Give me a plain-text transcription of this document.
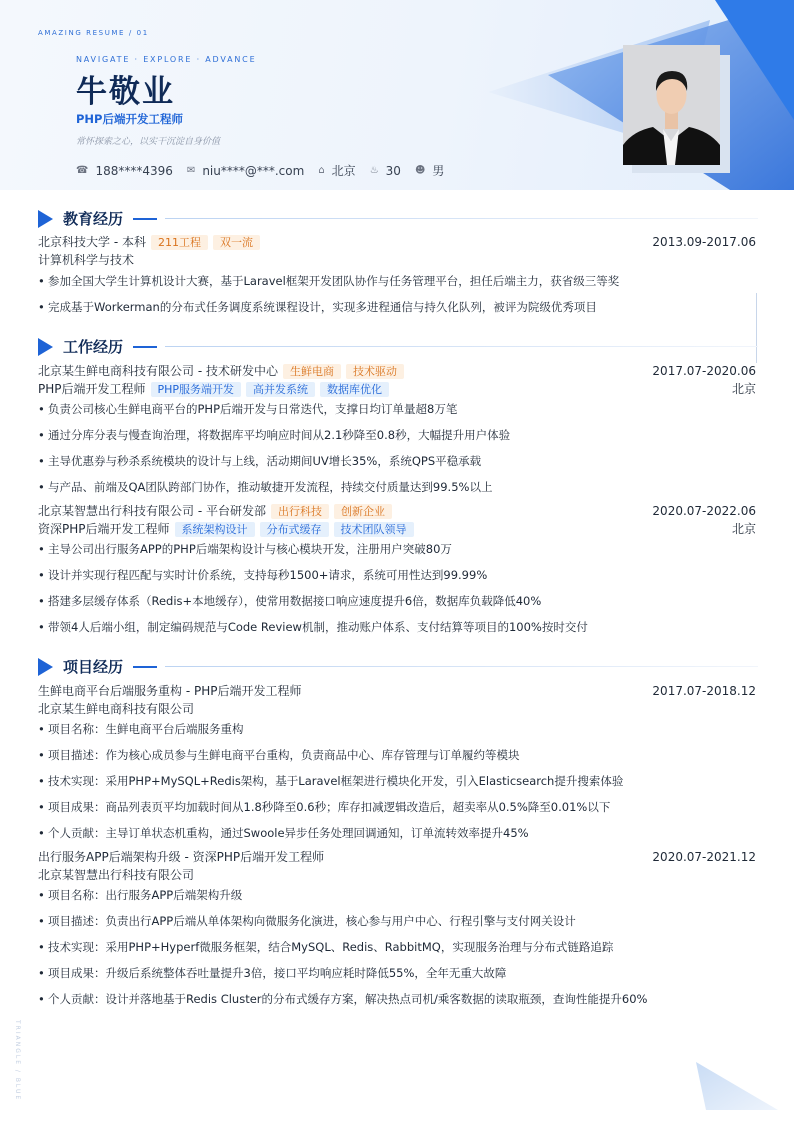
AMAZING RESUME / 01
NAVIGATE · EXPLORE · ADVANCE
牛敬业
PHP后端开发工程师
常怀探索之心，以实干沉淀自身价值
☎ 188****4396 ✉ niu****@***.com ⌂ 北京 ♨ 30 ☻ 男
教育经历
北京科技大学 - 本科	211工程	双一流	2013.09-2017.06
计算机科学与技术
• 参加全国大学生计算机设计大赛，基于Laravel框架开发团队协作与任务管理平台，担任后端主力，获省级三等奖
• 完成基于Workerman的分布式任务调度系统课程设计，实现多进程通信与持久化队列，被评为院级优秀项目
工作经历
北京某生鲜电商科技有限公司 - 技术研发中心	生鲜电商	技术驱动	2017.07-2020.06
PHP后端开发工程师	PHP服务端开发	高并发系统	数据库优化	北京
• 负责公司核心生鲜电商平台的PHP后端开发与日常迭代，支撑日均订单量超8万笔
• 通过分库分表与慢查询治理，将数据库平均响应时间从2.1秒降至0.8秒，大幅提升用户体验
• 主导优惠券与秒杀系统模块的设计与上线，活动期间UV增长35%，系统QPS平稳承载
• 与产品、前端及QA团队跨部门协作，推动敏捷开发流程，持续交付质量达到99.5%以上
北京某智慧出行科技有限公司 - 平台研发部	出行科技	创新企业	2020.07-2022.06
资深PHP后端开发工程师	系统架构设计	分布式缓存	技术团队领导	北京
• 主导公司出行服务APP的PHP后端架构设计与核心模块开发，注册用户突破80万
• 设计并实现行程匹配与实时计价系统，支持每秒1500+请求，系统可用性达到99.99%
• 搭建多层缓存体系（Redis+本地缓存），使常用数据接口响应速度提升6倍，数据库负载降低40%
• 带领4人后端小组，制定编码规范与Code Review机制，推动账户体系、支付结算等项目的100%按时交付
项目经历
生鲜电商平台后端服务重构 - PHP后端开发工程师	2017.07-2018.12
北京某生鲜电商科技有限公司
• 项目名称：生鲜电商平台后端服务重构
• 项目描述：作为核心成员参与生鲜电商平台重构，负责商品中心、库存管理与订单履约等模块
• 技术实现：采用PHP+MySQL+Redis架构，基于Laravel框架进行模块化开发，引入Elasticsearch提升搜索体验
• 项目成果：商品列表页平均加载时间从1.8秒降至0.6秒；库存扣减逻辑改造后，超卖率从0.5%降至0.01%以下
• 个人贡献：主导订单状态机重构，通过Swoole异步任务处理回调通知，订单流转效率提升45%
出行服务APP后端架构升级 - 资深PHP后端开发工程师	2020.07-2021.12
北京某智慧出行科技有限公司
• 项目名称：出行服务APP后端架构升级
• 项目描述：负责出行APP后端从单体架构向微服务化演进，核心参与用户中心、行程引擎与支付网关设计
• 技术实现：采用PHP+Hyperf微服务框架，结合MySQL、Redis、RabbitMQ，实现服务治理与分布式链路追踪
• 项目成果：升级后系统整体吞吐量提升3倍，接口平均响应耗时降低55%，全年无重大故障
• 个人贡献：设计并落地基于Redis Cluster的分布式缓存方案，解决热点司机/乘客数据的读取瓶颈，查询性能提升60%
TRIANGLE / BLUE
